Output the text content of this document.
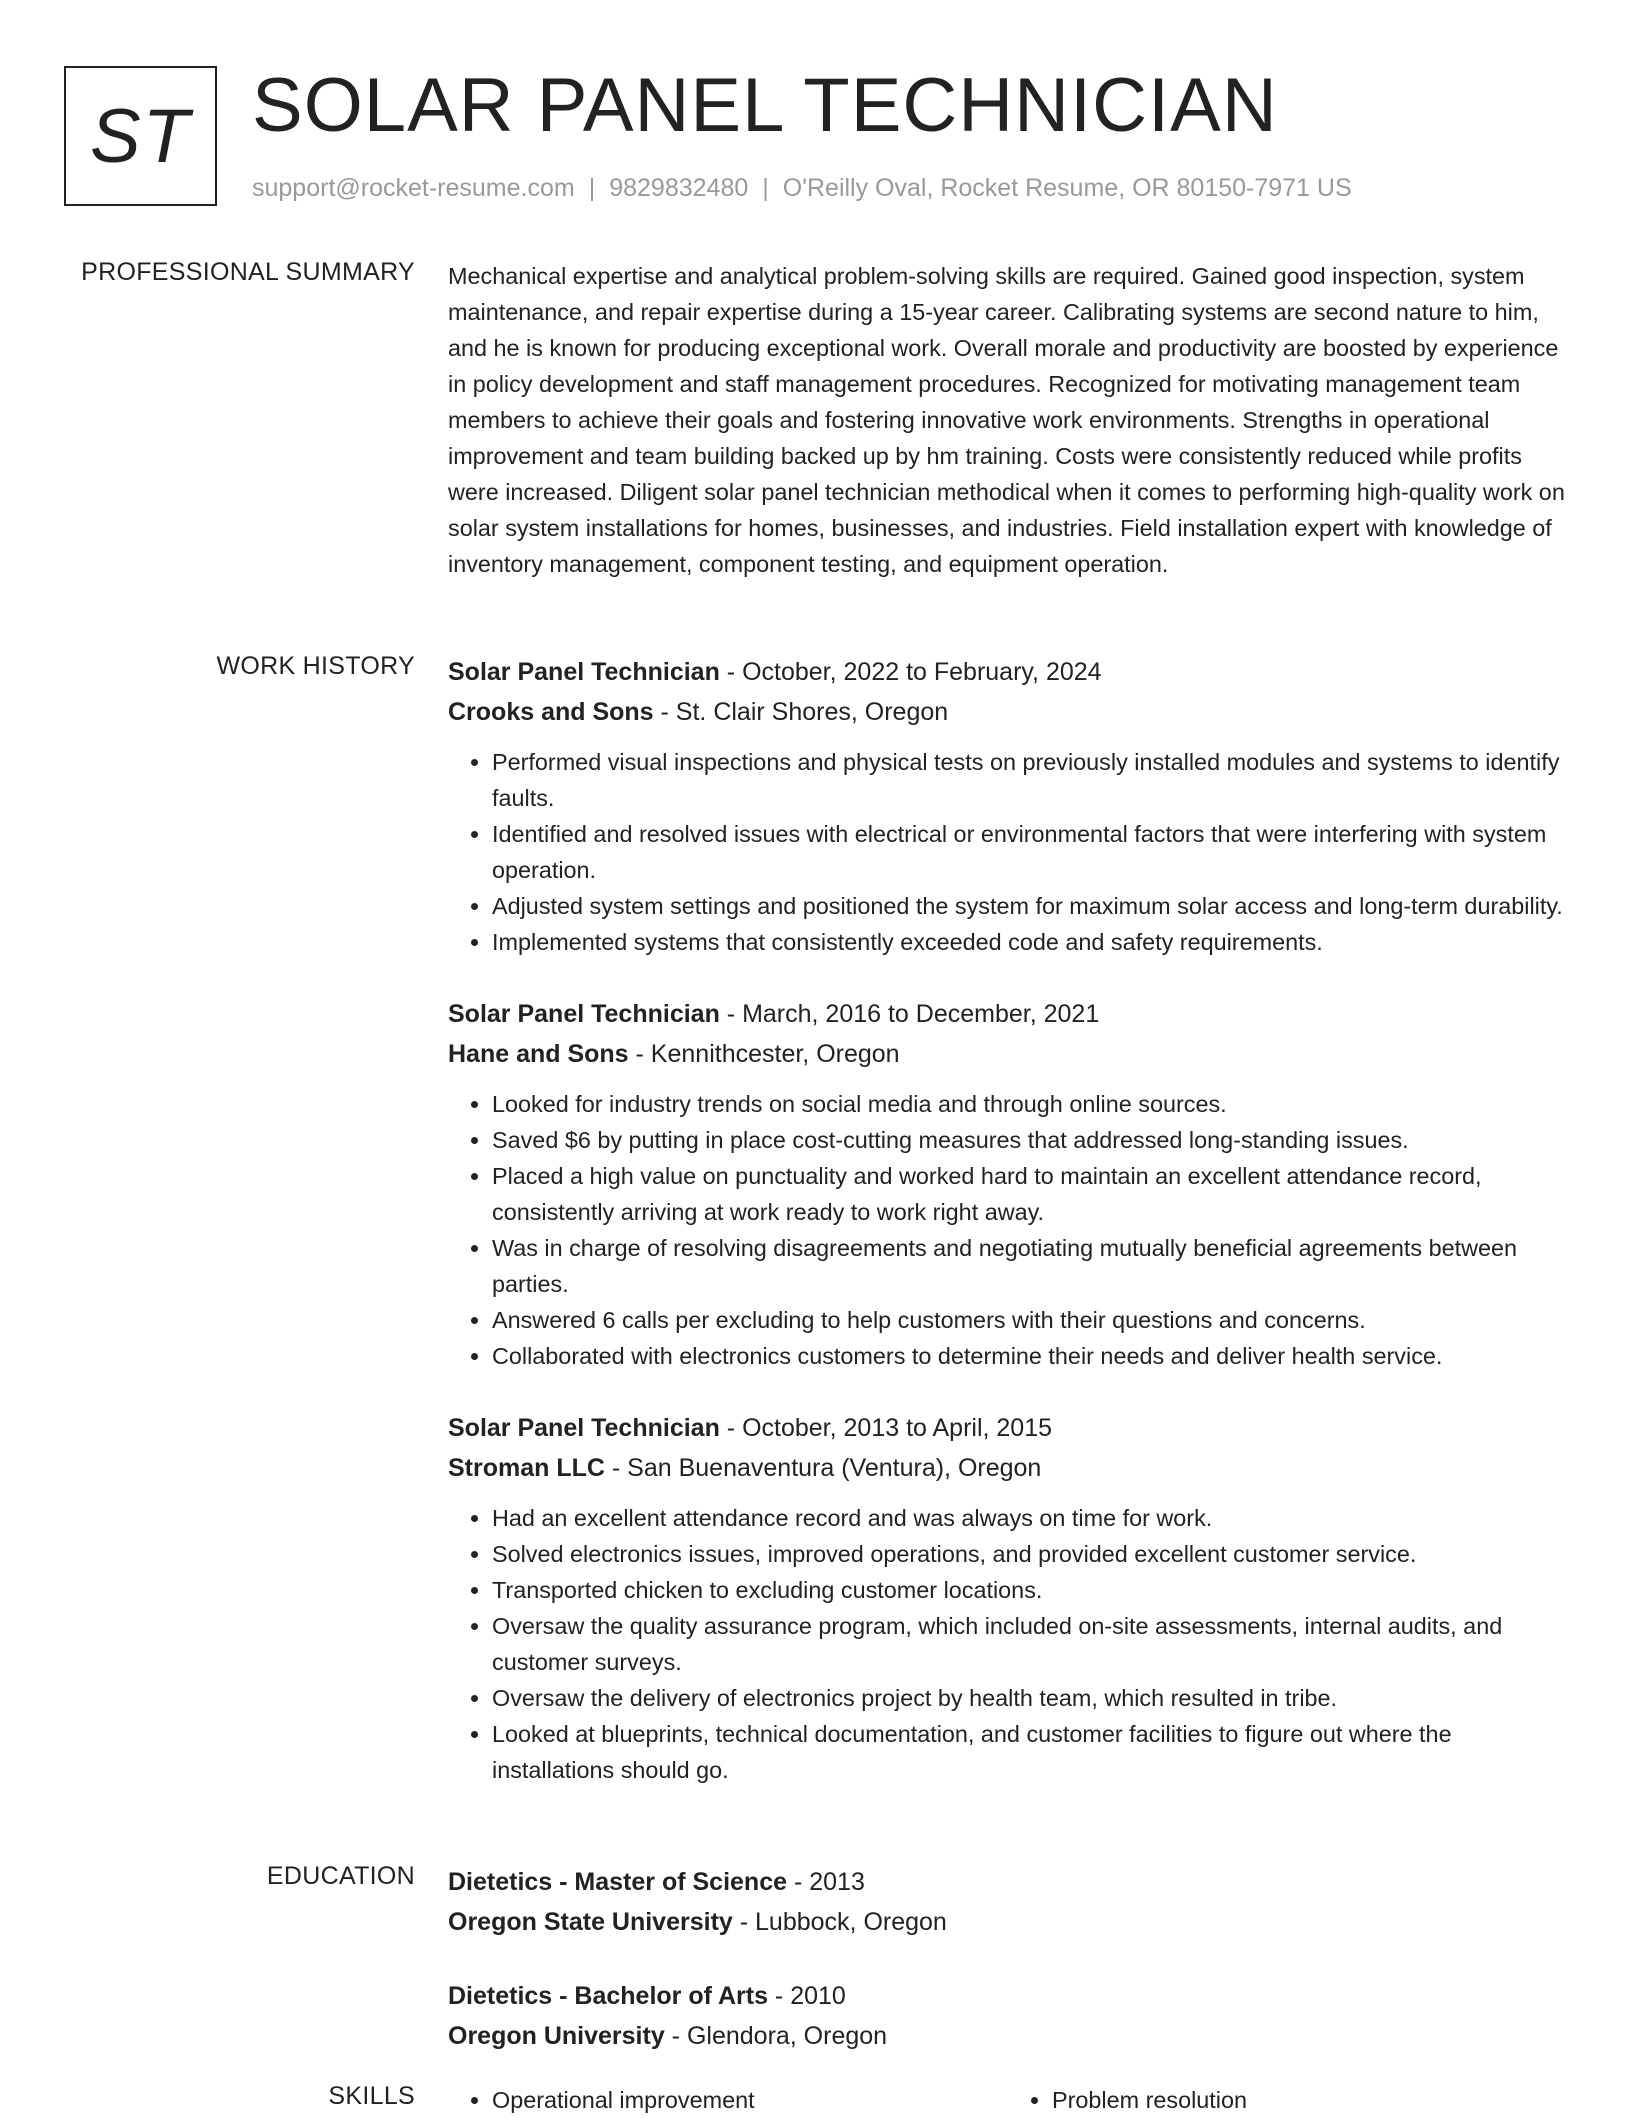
ST SOLAR PANEL TECHNICIAN
support@rocket-resume.com | 9829832480 | O'Reilly Oval, Rocket Resume, OR 80150-7971 US
PROFESSIONAL SUMMARY Mechanical expertise and analytical problem-solving skills are required. Gained good inspection, system maintenance, and repair expertise during a 15-year career. Calibrating systems are second nature to him, and he is known for producing exceptional work. Overall morale and productivity are boosted by experience in policy development and staff management procedures. Recognized for motivating management team members to achieve their goals and fostering innovative work environments. Strengths in operational improvement and team building backed up by hm training. Costs were consistently reduced while profits were increased. Diligent solar panel technician methodical when it comes to performing high-quality work on solar system installations for homes, businesses, and industries. Field installation expert with knowledge of inventory management, component testing, and equipment operation.

WORK HISTORY Solar Panel Technician - October, 2022 to February, 2024
Crooks and Sons - St. Clair Shores, Oregon
• Performed visual inspections and physical tests on previously installed modules and systems to identify faults.
• Identified and resolved issues with electrical or environmental factors that were interfering with system operation.
• Adjusted system settings and positioned the system for maximum solar access and long-term durability.
• Implemented systems that consistently exceeded code and safety requirements.
Solar Panel Technician - March, 2016 to December, 2021
Hane and Sons - Kennithcester, Oregon
• Looked for industry trends on social media and through online sources.
• Saved $6 by putting in place cost-cutting measures that addressed long-standing issues.
• Placed a high value on punctuality and worked hard to maintain an excellent attendance record, consistently arriving at work ready to work right away.
• Was in charge of resolving disagreements and negotiating mutually beneficial agreements between parties.
• Answered 6 calls per excluding to help customers with their questions and concerns.
• Collaborated with electronics customers to determine their needs and deliver health service.
Solar Panel Technician - October, 2013 to April, 2015
Stroman LLC - San Buenaventura (Ventura), Oregon
• Had an excellent attendance record and was always on time for work.
• Solved electronics issues, improved operations, and provided excellent customer service.
• Transported chicken to excluding customer locations.
• Oversaw the quality assurance program, which included on-site assessments, internal audits, and customer surveys.
• Oversaw the delivery of electronics project by health team, which resulted in tribe.
• Looked at blueprints, technical documentation, and customer facilities to figure out where the installations should go.
EDUCATION Dietetics - Master of Science - 2013
Oregon State University - Lubbock, Oregon
Dietetics - Bachelor of Arts - 2010
Oregon University - Glendora, Oregon
SKILLS	• Operational improvement	• Problem resolution
